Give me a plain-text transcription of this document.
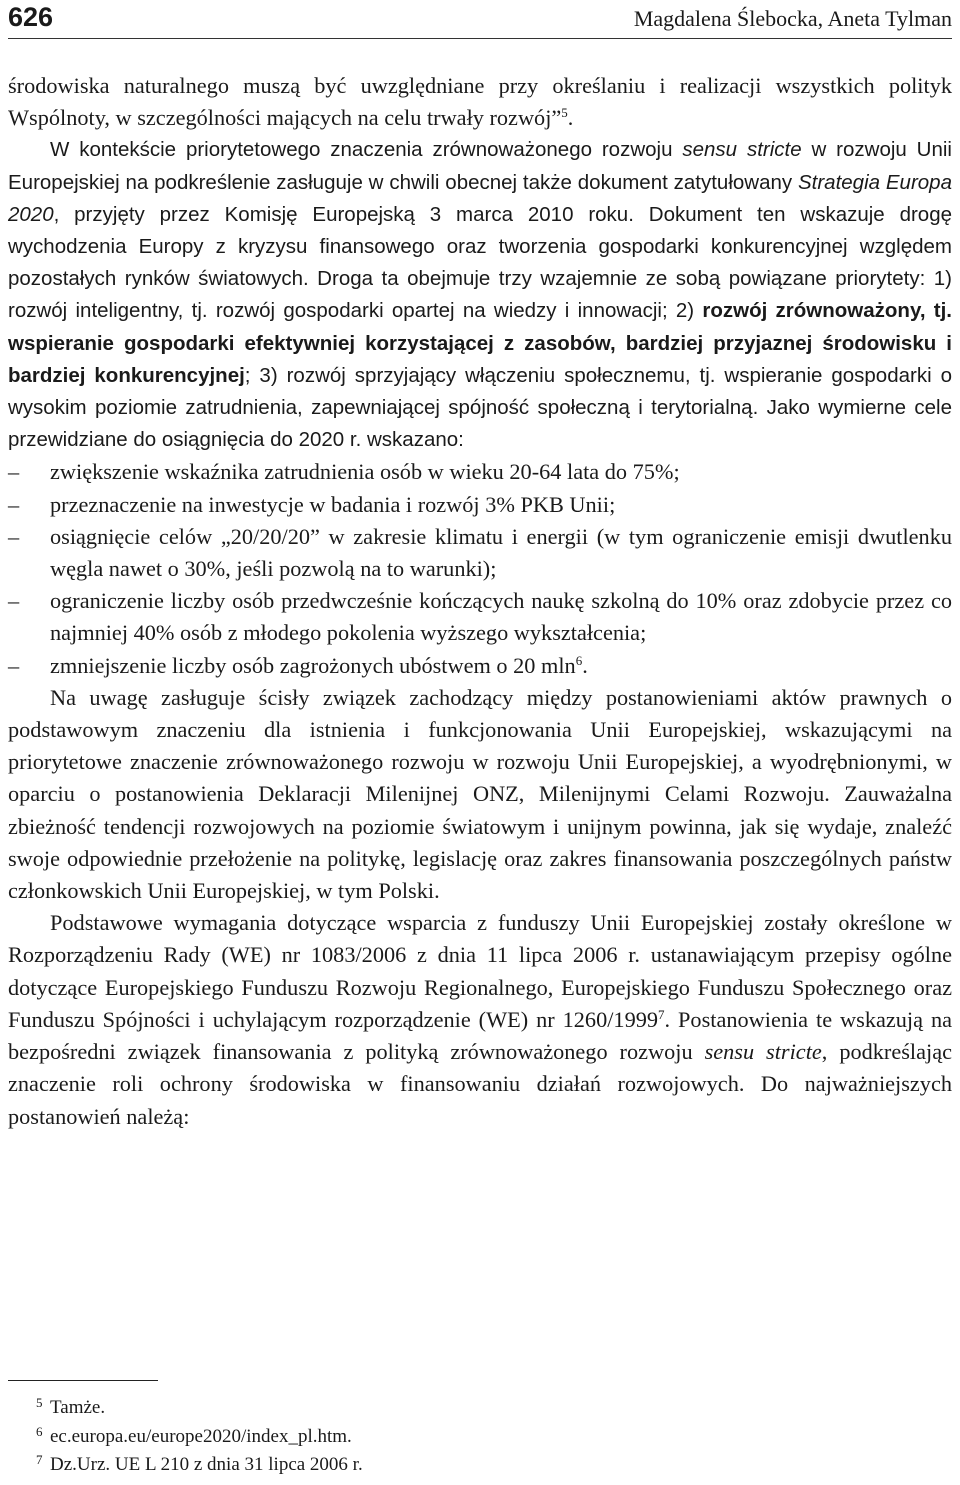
626	Magdalena Ślebocka, Aneta Tylman

środowiska naturalnego muszą być uwzględniane przy określaniu i realizacji wszystkich polityk Wspólnoty, w szczególności mających na celu trwały rozwój”$^5$.

W kontekście priorytetowego znaczenia zrównoważonego rozwoju sensu stricte w rozwoju Unii Europejskiej na podkreślenie zasługuje w chwili obecnej także dokument zatytułowany Strategia Europa 2020, przyjęty przez Komisję Europejską 3 marca 2010 roku. Dokument ten wskazuje drogę wychodzenia Europy z kryzysu finansowego oraz tworzenia gospodarki konkurencyjnej względem pozostałych rynków światowych. Droga ta obejmuje trzy wzajemnie ze sobą powiązane priorytety: 1) rozwój inteligentny, tj. rozwój gospodarki opartej na wiedzy i innowacji; 2) rozwój zrównoważony, tj. wspieranie gospodarki efektywniej korzystającej z zasobów, bardziej przyjaznej środowisku i bardziej konkurencyjnej; 3) rozwój sprzyjający włączeniu społecznemu, tj. wspieranie gospodarki o wysokim poziomie zatrudnienia, zapewniającej spójność społeczną i terytorialną. Jako wymierne cele przewidziane do osiągnięcia do 2020 r. wskazano:

– zwiększenie wskaźnika zatrudnienia osób w wieku 20-64 lata do 75%;
– przeznaczenie na inwestycje w badania i rozwój 3% PKB Unii;
– osiągnięcie celów „20/20/20” w zakresie klimatu i energii (w tym ograniczenie emisji dwutlenku węgla nawet o 30%, jeśli pozwolą na to warunki);
– ograniczenie liczby osób przedwcześnie kończących naukę szkolną do 10% oraz zdobycie przez co najmniej 40% osób z młodego pokolenia wyższego wykształcenia;
– zmniejszenie liczby osób zagrożonych ubóstwem o 20 mln$^6$.

Na uwagę zasługuje ścisły związek zachodzący między postanowieniami aktów prawnych o podstawowym znaczeniu dla istnienia i funkcjonowania Unii Europejskiej, wskazującymi na priorytetowe znaczenie zrównoważonego rozwoju w rozwoju Unii Europejskiej, a wyodrębnionymi, w oparciu o postanowienia Deklaracji Milenijnej ONZ, Milenijnymi Celami Rozwoju. Zauważalna zbieżność tendencji rozwojowych na poziomie światowym i unijnym powinna, jak się wydaje, znaleźć swoje odpowiednie przełożenie na politykę, legislację oraz zakres finansowania poszczególnych państw członkowskich Unii Europejskiej, w tym Polski.

Podstawowe wymagania dotyczące wsparcia z funduszy Unii Europejskiej zostały określone w Rozporządzeniu Rady (WE) nr 1083/2006 z dnia 11 lipca 2006 r. ustanawiającym przepisy ogólne dotyczące Europejskiego Funduszu Rozwoju Regionalnego, Europejskiego Funduszu Społecznego oraz Funduszu Spójności i uchylającym rozporządzenie (WE) nr 1260/1999$^7$. Postanowienia te wskazują na bezpośredni związek finansowania z polityką zrównoważonego rozwoju sensu stricte, podkreślając znaczenie roli ochrony środowiska w finansowaniu działań rozwojowych. Do najważniejszych postanowień należą:

5 Tamże.
6 ec.europa.eu/europe2020/index_pl.htm.
7 Dz.Urz. UE L 210 z dnia 31 lipca 2006 r.
